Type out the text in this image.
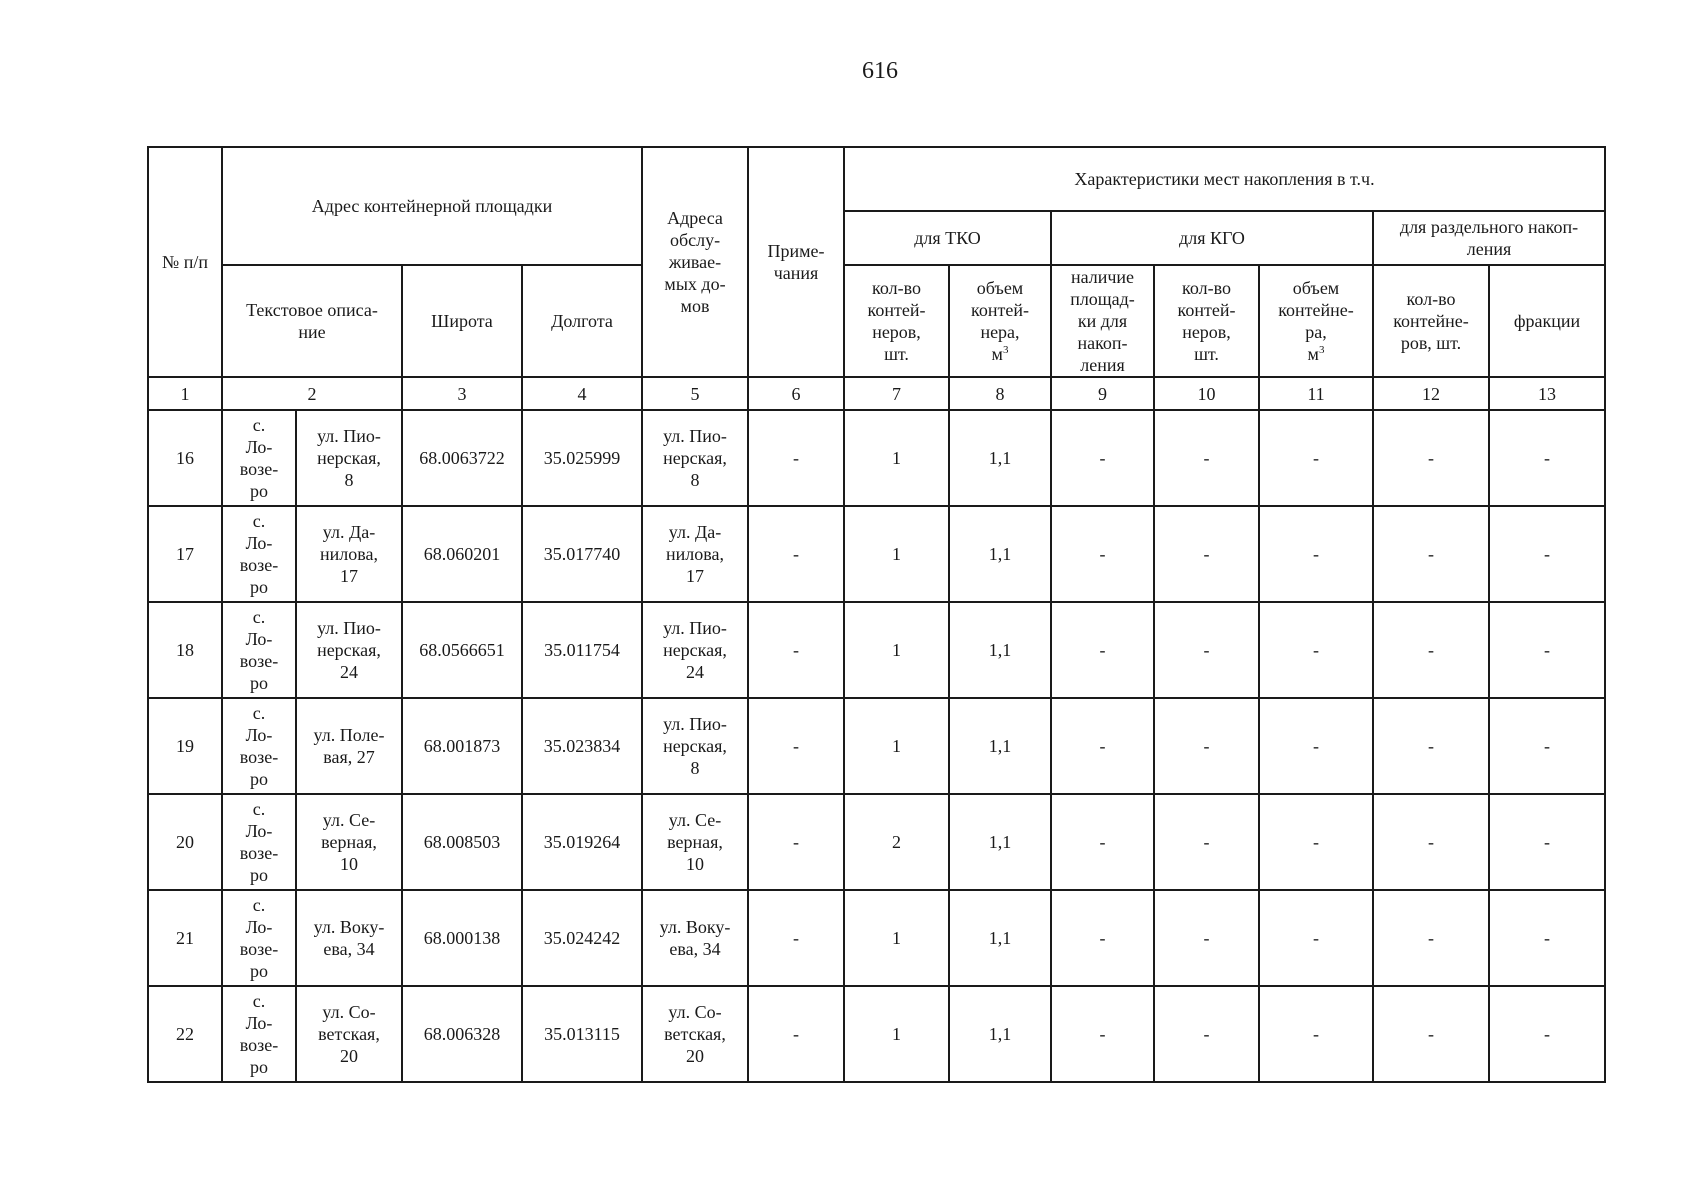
616
№ п/п	Адрес контейнерной площадки				Адреса
обслу-
живае-
мых до-
мов	Приме-
чания	Характеристики мест накопления в т.ч.						
							для ТКО		для КГО			для раздельного накоп-
ления	
	Текстовое описа-
ние		Широта	Долгота			кол-во
контей-
неров,
шт.	объем
контей-
нера,
$м^3$	наличие
площад-
ки для
накоп-
ления	кол-во
контей-
неров,
шт.	объем
контейне-
ра,
$м^3$	кол-во
контейне-
ров, шт.	фракции
1	2		3	4	5	6	7	8	9	10	11	12	13
16	с.
Ло-
возе-
ро	ул. Пио-
нерская,
8	68.0063722	35.025999	ул. Пио-
нерская,
8	-	1	1,1	-	-	-	-	-
17	с.
Ло-
возе-
ро	ул. Да-
нилова,
17	68.060201	35.017740	ул. Да-
нилова,
17	-	1	1,1	-	-	-	-	-
18	с.
Ло-
возе-
ро	ул. Пио-
нерская,
24	68.0566651	35.011754	ул. Пио-
нерская,
24	-	1	1,1	-	-	-	-	-
19	с.
Ло-
возе-
ро	ул. Поле-
вая, 27	68.001873	35.023834	ул. Пио-
нерская,
8	-	1	1,1	-	-	-	-	-
20	с.
Ло-
возе-
ро	ул. Се-
верная,
10	68.008503	35.019264	ул. Се-
верная,
10	-	2	1,1	-	-	-	-	-
21	с.
Ло-
возе-
ро	ул. Воку-
ева, 34	68.000138	35.024242	ул. Воку-
ева, 34	-	1	1,1	-	-	-	-	-
22	с.
Ло-
возе-
ро	ул. Со-
ветская,
20	68.006328	35.013115	ул. Со-
ветская,
20	-	1	1,1	-	-	-	-	-
